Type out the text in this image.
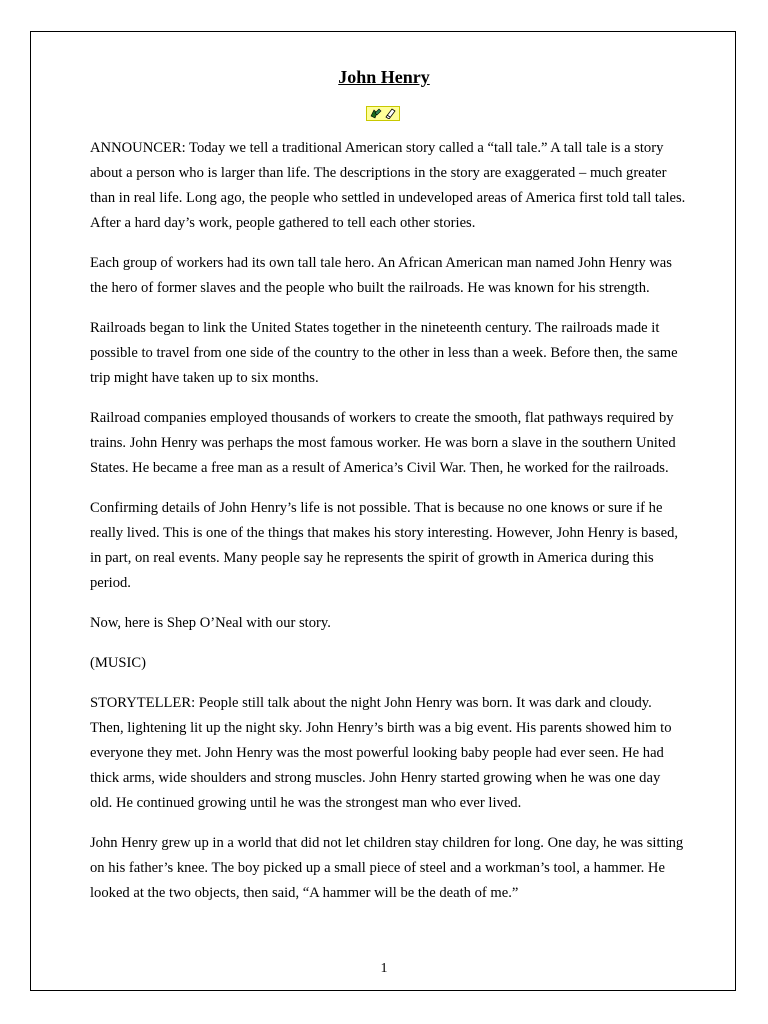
John Henry

ANNOUNCER: Today we tell a traditional American story called a “tall tale.” A tall tale is a story about a person who is larger than life. The descriptions in the story are exaggerated – much greater than in real life. Long ago, the people who settled in undeveloped areas of America first told tall tales. After a hard day’s work, people gathered to tell each other stories.

Each group of workers had its own tall tale hero. An African American man named John Henry was the hero of former slaves and the people who built the railroads. He was known for his strength.

Railroads began to link the United States together in the nineteenth century. The railroads made it possible to travel from one side of the country to the other in less than a week. Before then, the same trip might have taken up to six months.

Railroad companies employed thousands of workers to create the smooth, flat pathways required by trains. John Henry was perhaps the most famous worker. He was born a slave in the southern United States. He became a free man as a result of America’s Civil War. Then, he worked for the railroads.

Confirming details of John Henry’s life is not possible. That is because no one knows or sure if he really lived. This is one of the things that makes his story interesting. However, John Henry is based, in part, on real events. Many people say he represents the spirit of growth in America during this period.

Now, here is Shep O’Neal with our story.

(MUSIC)

STORYTELLER: People still talk about the night John Henry was born. It was dark and cloudy. Then, lightening lit up the night sky. John Henry’s birth was a big event. His parents showed him to everyone they met. John Henry was the most powerful looking baby people had ever seen. He had thick arms, wide shoulders and strong muscles. John Henry started growing when he was one day old. He continued growing until he was the strongest man who ever lived.

John Henry grew up in a world that did not let children stay children for long. One day, he was sitting on his father’s knee. The boy picked up a small piece of steel and a workman’s tool, a hammer. He looked at the two objects, then said, “A hammer will be the death of me.”

1
